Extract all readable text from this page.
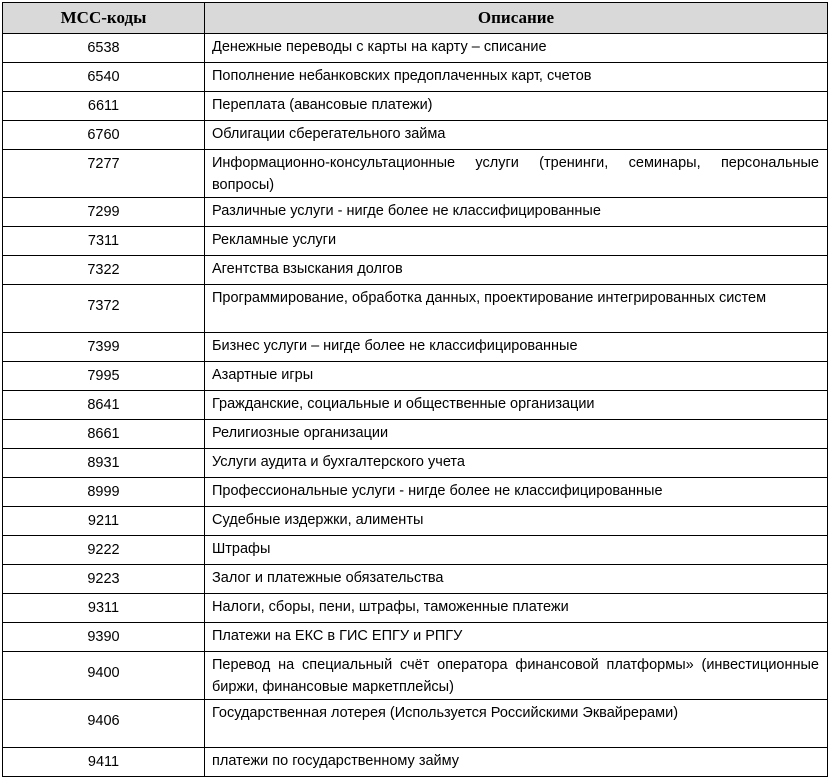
МСС-коды	Описание
6538	Денежные переводы с карты на карту – списание
6540	Пополнение небанковских предоплаченных карт, счетов
6611	Переплата (авансовые платежи)
6760	Облигации сберегательного займа
7277	Информационно-консультационные услуги (тренинги, семинары, персональные вопросы)
7299	Различные услуги - нигде более не классифицированные
7311	Рекламные услуги
7322	Агентства взыскания долгов
7372	Программирование, обработка данных, проектирование интегрированных систем
7399	Бизнес услуги – нигде более не классифицированные
7995	Азартные игры
8641	Гражданские, социальные и общественные организации
8661	Религиозные организации
8931	Услуги аудита и бухгалтерского учета
8999	Профессиональные услуги - нигде более не классифицированные
9211	Судебные издержки, алименты
9222	Штрафы
9223	Залог и платежные обязательства
9311	Налоги, сборы, пени, штрафы, таможенные платежи
9390	Платежи на ЕКС в ГИС ЕПГУ и РПГУ
9400	Перевод на специальный счёт оператора финансовой платформы» (инвестиционные биржи, финансовые маркетплейсы)
9406	Государственная лотерея (Используется Российскими Эквайрерами)
9411	платежи по государственному займу
